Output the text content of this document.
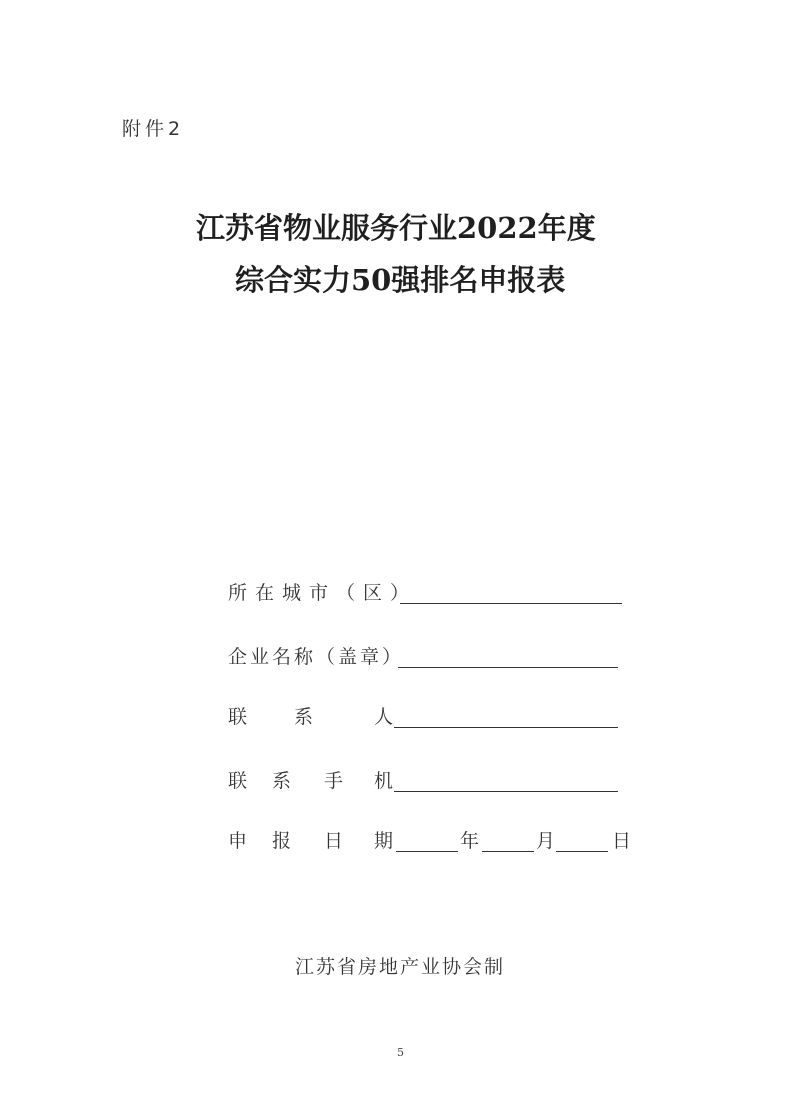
附件2
江苏省物业服务行业2022年度
综合实力50强排名申报表
所在城市（区）
企业名称（盖章）
联 系	人
联 系 手 机
申 报 日 期	年	月	日
江苏省房地产业协会制
5
